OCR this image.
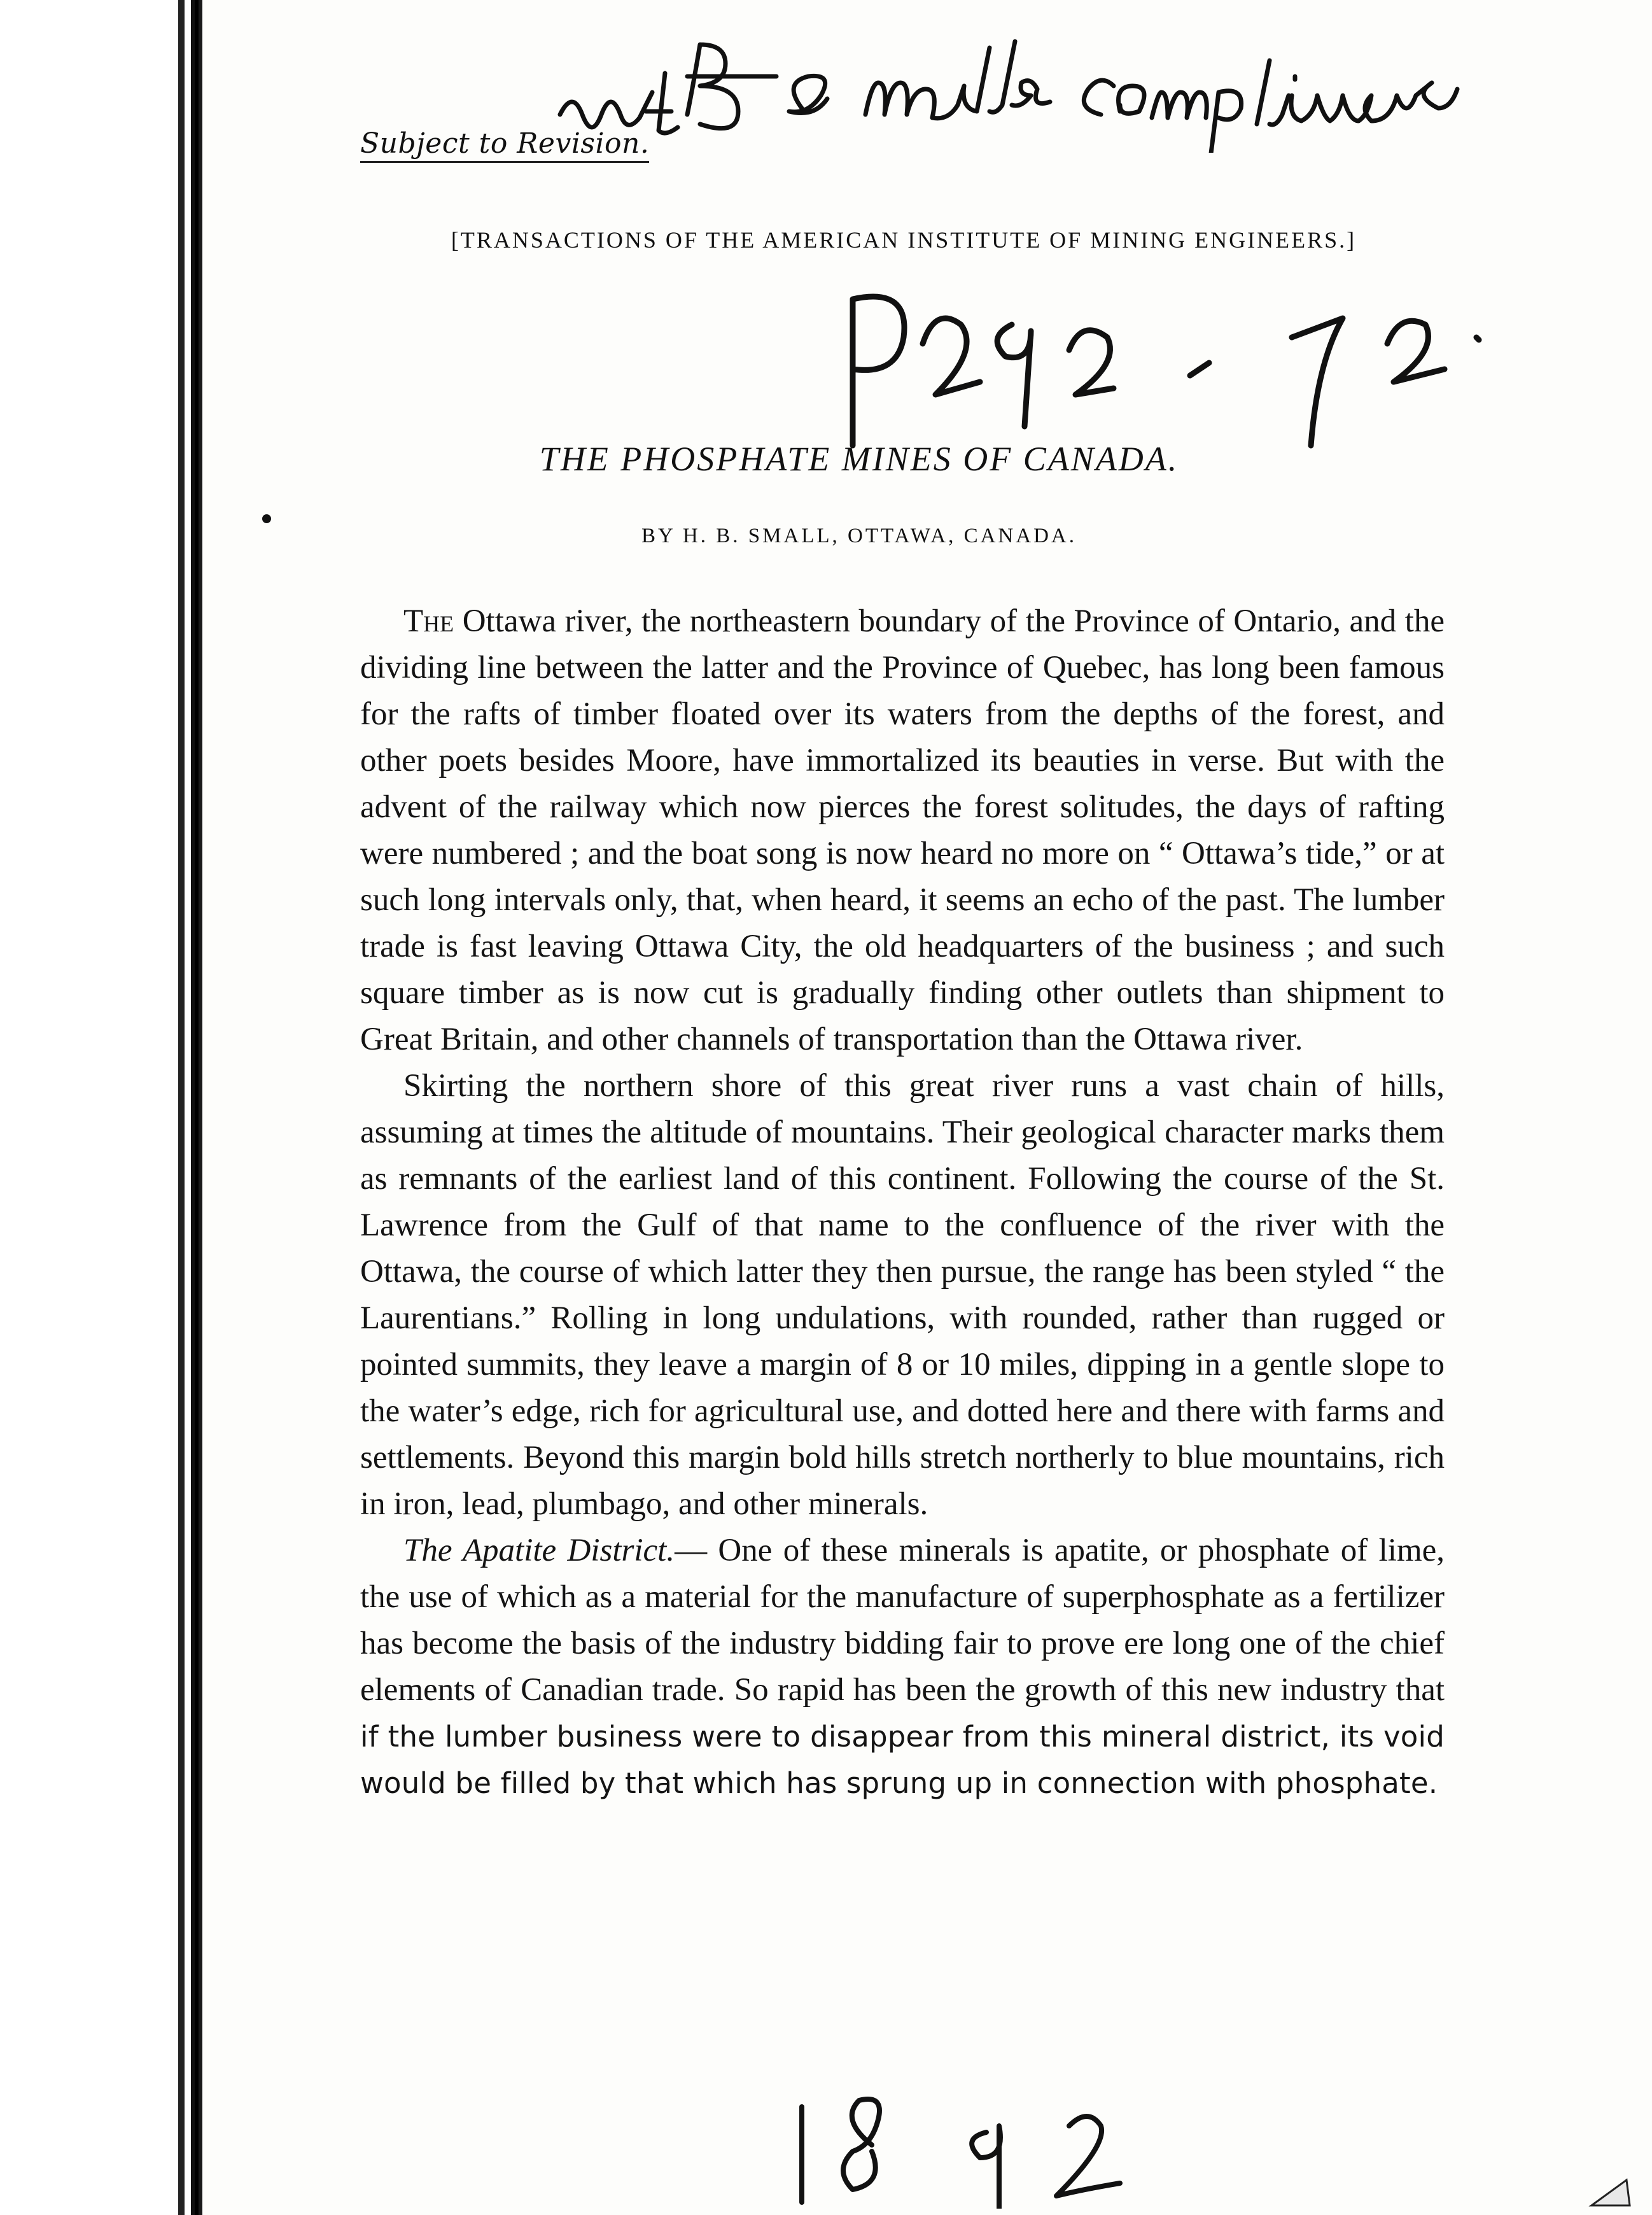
Subject to Revision.
[TRANSACTIONS OF THE AMERICAN INSTITUTE OF MINING ENGINEERS.]
THE PHOSPHATE MINES OF CANADA.
BY H. B. SMALL, OTTAWA, CANADA.

The Ottawa river, the northeastern boundary of the Province of Ontario, and the dividing line between the latter and the Province of Quebec, has long been famous for the rafts of timber floated over its waters from the depths of the forest, and other poets besides Moore, have immortalized its beauties in verse. But with the advent of the railway which now pierces the forest solitudes, the days of rafting were numbered ; and the boat song is now heard no more on “ Ottawa’s tide,” or at such long intervals only, that, when heard, it seems an echo of the past. The lumber trade is fast leaving Ottawa City, the old headquarters of the business ; and such square timber as is now cut is gradually finding other outlets than shipment to Great Britain, and other channels of transportation than the Ottawa river.

Skirting the northern shore of this great river runs a vast chain of hills, assuming at times the altitude of mountains. Their geological character marks them as remnants of the earliest land of this continent. Following the course of the St. Lawrence from the Gulf of that name to the confluence of the river with the Ottawa, the course of which latter they then pursue, the range has been styled “ the Laurentians.” Rolling in long undulations, with rounded, rather than rugged or pointed summits, they leave a margin of 8 or 10 miles, dipping in a gentle slope to the water’s edge, rich for agricultural use, and dotted here and there with farms and settlements. Beyond this margin bold hills stretch northerly to blue mountains, rich in iron, lead, plumbago, and other minerals.

The Apatite District.— One of these minerals is apatite, or phosphate of lime, the use of which as a material for the manufacture of superphosphate as a fertilizer has become the basis of the industry bidding fair to prove ere long one of the chief elements of Canadian trade. So rapid has been the growth of this new industry that if the lumber business were to disappear from this mineral district, its void would be filled by that which has sprung up in connection with phosphate.
